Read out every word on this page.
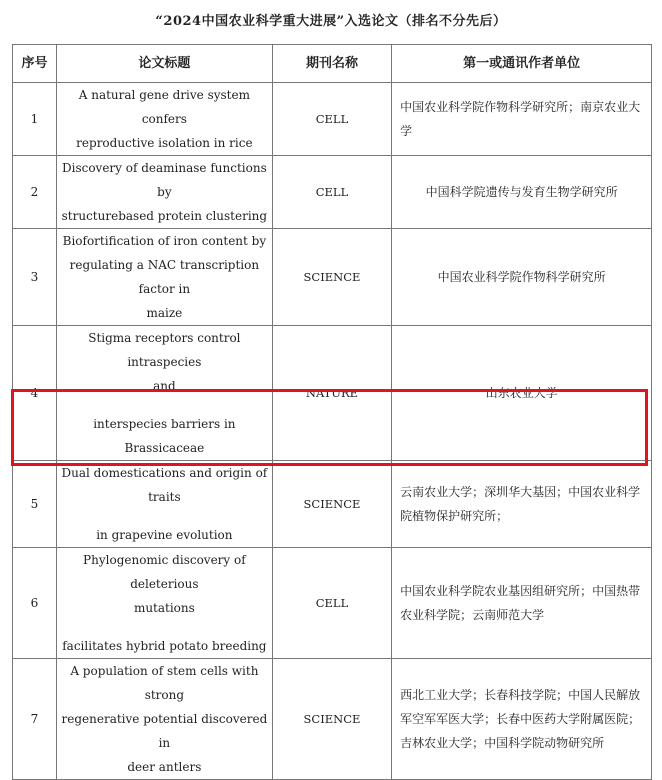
“2024中国农业科学重大进展”入选论文（排名不分先后）
序号	论文标题	期刊名称	第一或通讯作者单位
1	A natural gene drive system confers
reproductive isolation in rice	CELL	中国农业科学院作物科学研究所；南京农业大学
2	Discovery of deaminase functions by
structurebased protein clustering	CELL	中国科学院遗传与发育生物学研究所
3	Biofortification of iron content by
regulating a NAC transcription factor in
maize	SCIENCE	中国农业科学院作物科学研究所
4	Stigma receptors control intraspecies
and
interspecies barriers in Brassicaceae	NATURE	山东农业大学
5	Dual domestications and origin of traits
in grapevine evolution	SCIENCE	云南农业大学；深圳华大基因；中国农业科学院植物保护研究所；
6	Phylogenomic discovery of deleterious
mutations
facilitates hybrid potato breeding	CELL	中国农业科学院农业基因组研究所；中国热带农业科学院；云南师范大学
7	A population of stem cells with strong
regenerative potential discovered in
deer antlers	SCIENCE	西北工业大学；长春科技学院；中国人民解放军空军军医大学；长春中医药大学附属医院；吉林农业大学；中国科学院动物研究所
